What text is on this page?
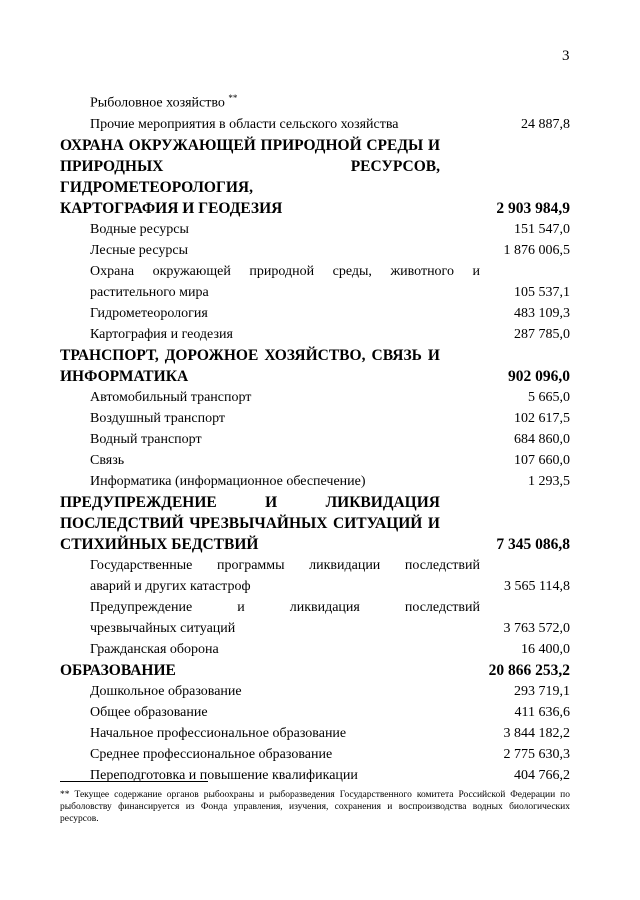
3
Рыболовное хозяйство **
Прочие мероприятия в области сельского хозяйства	24 887,8
ОХРАНА ОКРУЖАЮЩЕЙ ПРИРОДНОЙ СРЕДЫ И
ПРИРОДНЫХ РЕСУРСОВ, ГИДРОМЕТЕОРОЛОГИЯ,
КАРТОГРАФИЯ И ГЕОДЕЗИЯ	2 903 984,9
Водные ресурсы	151 547,0
Лесные ресурсы	1 876 006,5
Охрана окружающей природной среды, животного и
растительного мира	105 537,1
Гидрометеорология	483 109,3
Картография и геодезия	287 785,0
ТРАНСПОРТ, ДОРОЖНОЕ ХОЗЯЙСТВО, СВЯЗЬ И
ИНФОРМАТИКА	902 096,0
Автомобильный транспорт	5 665,0
Воздушный транспорт	102 617,5
Водный транспорт	684 860,0
Связь	107 660,0
Информатика (информационное обеспечение)	1 293,5
ПРЕДУПРЕЖДЕНИЕ И ЛИКВИДАЦИЯ
ПОСЛЕДСТВИЙ ЧРЕЗВЫЧАЙНЫХ СИТУАЦИЙ И
СТИХИЙНЫХ БЕДСТВИЙ	7 345 086,8
Государственные программы ликвидации последствий
аварий и других катастроф	3 565 114,8
Предупреждение и ликвидация последствий
чрезвычайных ситуаций	3 763 572,0
Гражданская оборона	16 400,0
ОБРАЗОВАНИЕ	20 866 253,2
Дошкольное образование	293 719,1
Общее образование	411 636,6
Начальное профессиональное образование	3 844 182,2
Среднее профессиональное образование	2 775 630,3
Переподготовка и повышение квалификации	404 766,2
** Текущее содержание органов рыбоохраны и рыборазведения Государственного комитета Российской Федерации по рыболовству финансируется из Фонда управления, изучения, сохранения и воспроизводства водных биологических ресурсов.
